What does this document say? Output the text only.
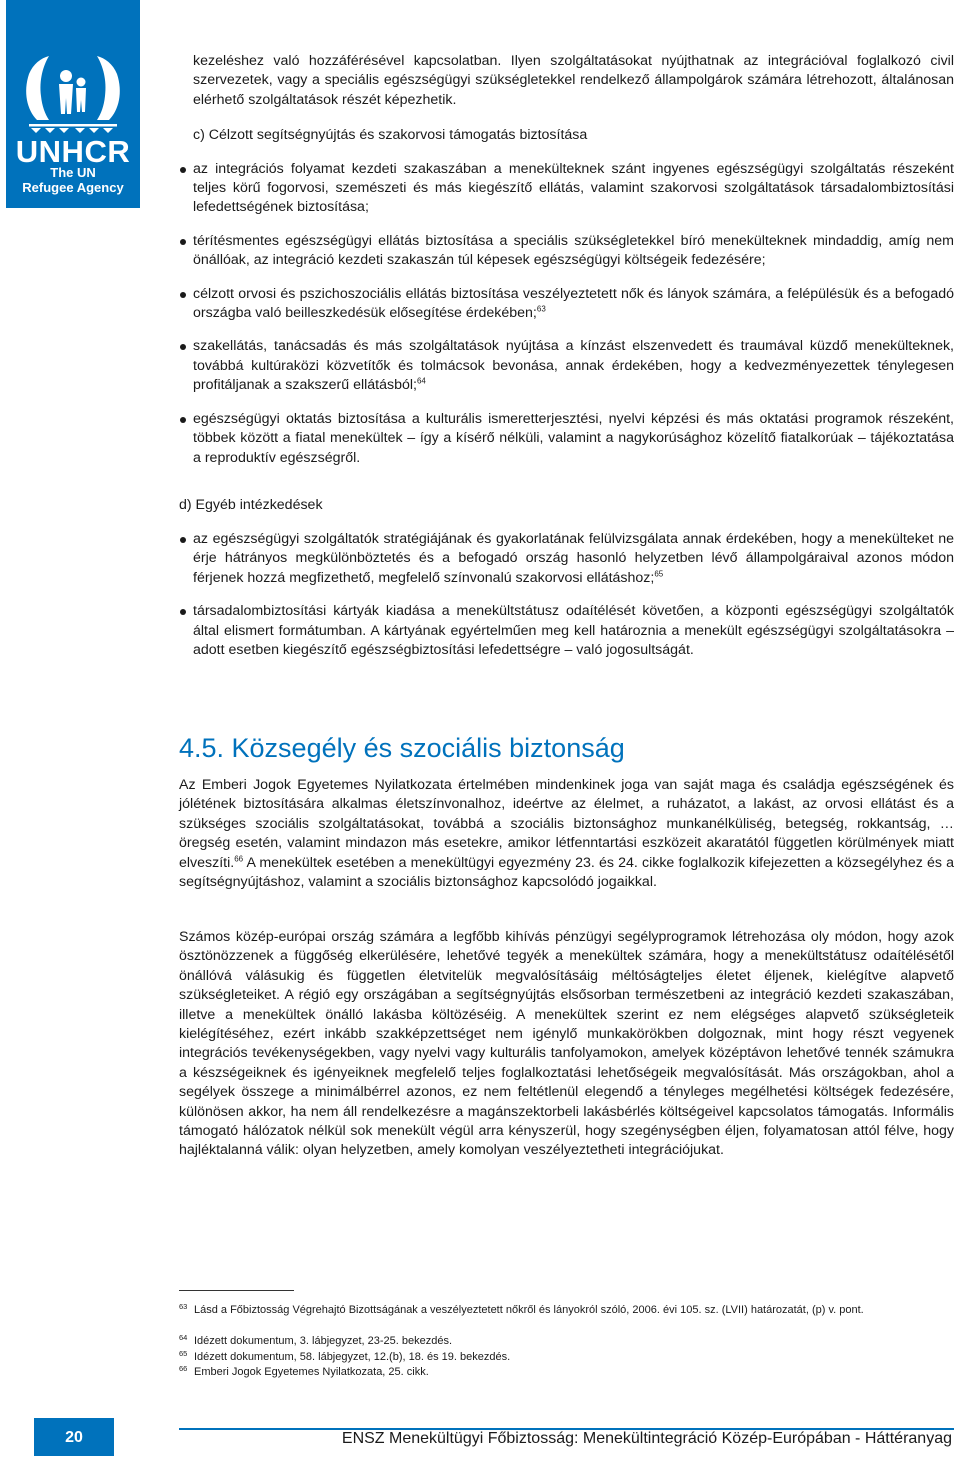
UNHCR
The UN
Refugee Agency

kezeléshez való hozzáférésével kapcsolatban. Ilyen szolgáltatásokat nyújthatnak az integrációval foglalkozó civil szervezetek, vagy a speciális egészségügyi szükségletekkel rendelkező állampolgárok számára létrehozott, általánosan elérhető szolgáltatások részét képezhetik.

c) Célzott segítségnyújtás és szakorvosi támogatás biztosítása

az integrációs folyamat kezdeti szakaszában a menekülteknek szánt ingyenes egészségügyi szolgáltatás részeként teljes körű fogorvosi, szemészeti és más kiegészítő ellátás, valamint szakorvosi szolgáltatások társadalombiztosítási lefedettségének biztosítása;

térítésmentes egészségügyi ellátás biztosítása a speciális szükségletekkel bíró menekülteknek mindaddig, amíg nem önállóak, az integráció kezdeti szakaszán túl képesek egészségügyi költségeik fedezésére;

célzott orvosi és pszichoszociális ellátás biztosítása veszélyeztetett nők és lányok számára, a felépülésük és a befogadó országba való beilleszkedésük elősegítése érdekében;$^{63}$

szakellátás, tanácsadás és más szolgáltatások nyújtása a kínzást elszenvedett és traumával küzdő menekülteknek, továbbá kultúraközi közvetítők és tolmácsok bevonása, annak érdekében, hogy a kedvezményezettek ténylegesen profitáljanak a szakszerű ellátásból;$^{64}$

egészségügyi oktatás biztosítása a kulturális ismeretterjesztési, nyelvi képzési és más oktatási programok részeként, többek között a fiatal menekültek – így a kísérő nélküli, valamint a nagykorúsághoz közelítő fiatalkorúak – tájékoztatása a reproduktív egészségről.

d) Egyéb intézkedések

az egészségügyi szolgáltatók stratégiájának és gyakorlatának felülvizsgálata annak érdekében, hogy a menekülteket ne érje hátrányos megkülönböztetés és a befogadó ország hasonló helyzetben lévő állampolgáraival azonos módon férjenek hozzá megfizethető, megfelelő színvonalú szakorvosi ellátáshoz;$^{65}$

társadalombiztosítási kártyák kiadása a menekültstátusz odaítélését követően, a központi egészségügyi szolgáltatók által elismert formátumban. A kártyának egyértelműen meg kell határoznia a menekült egészségügyi szolgáltatásokra – adott esetben kiegészítő egészségbiztosítási lefedettségre – való jogosultságát.

4.5. Közsegély és szociális biztonság

Az Emberi Jogok Egyetemes Nyilatkozata értelmében mindenkinek joga van saját maga és családja egészségének és jólétének biztosítására alkalmas életszínvonalhoz, ideértve az élelmet, a ruházatot, a lakást, az orvosi ellátást és a szükséges szociális szolgáltatásokat, továbbá a szociális biztonsághoz munkanélküliség, betegség, rokkantság, … öregség esetén, valamint mindazon más esetekre, amikor létfenntartási eszközeit akaratától független körülmények miatt elveszíti.$^{66}$ A menekültek esetében a menekültügyi egyezmény 23. és 24. cikke foglalkozik kifejezetten a közsegélyhez és a segítségnyújtáshoz, valamint a szociális biztonsághoz kapcsolódó jogaikkal.

Számos közép-európai ország számára a legfőbb kihívás pénzügyi segélyprogramok létrehozása oly módon, hogy azok ösztönözzenek a függőség elkerülésére, lehetővé tegyék a menekültek számára, hogy a menekültstátusz odaítélésétől önállóvá válásukig és független életvitelük megvalósításáig méltóságteljes életet éljenek, kielégítve alapvető szükségleteiket. A régió egy országában a segítségnyújtás elsősorban természetbeni az integráció kezdeti szakaszában, illetve a menekültek önálló lakásba költözéséig. A menekültek szerint ez nem elégséges alapvető szükségleteik kielégítéséhez, ezért inkább szakképzettséget nem igénylő munkakörökben dolgoznak, mint hogy részt vegyenek integrációs tevékenységekben, vagy nyelvi vagy kulturális tanfolyamokon, amelyek középtávon lehetővé tennék számukra a készségeiknek és igényeiknek megfelelő teljes foglalkoztatási lehetőségeik megvalósítását. Más országokban, ahol a segélyek összege a minimálbérrel azonos, ez nem feltétlenül elegendő a tényleges megélhetési költségek fedezésére, különösen akkor, ha nem áll rendelkezésre a magánszektorbeli lakásbérlés költségeivel kapcsolatos támogatás. Informális támogató hálózatok nélkül sok menekült végül arra kényszerül, hogy szegénységben éljen, folyamatosan attól félve, hogy hajléktalanná válik: olyan helyzetben, amely komolyan veszélyeztetheti integrációjukat.

63 Lásd a Főbiztosság Végrehajtó Bizottságának a veszélyeztetett nőkről és lányokról szóló, 2006. évi 105. sz. (LVII) határozatát, (p) v. pont.
64 Idézett dokumentum, 3. lábjegyzet, 23-25. bekezdés.
65 Idézett dokumentum, 58. lábjegyzet, 12.(b), 18. és 19. bekezdés.
66 Emberi Jogok Egyetemes Nyilatkozata, 25. cikk.
20	ENSZ Menekültügyi Főbiztosság: Menekültintegráció Közép-Európában - Háttéranyag
